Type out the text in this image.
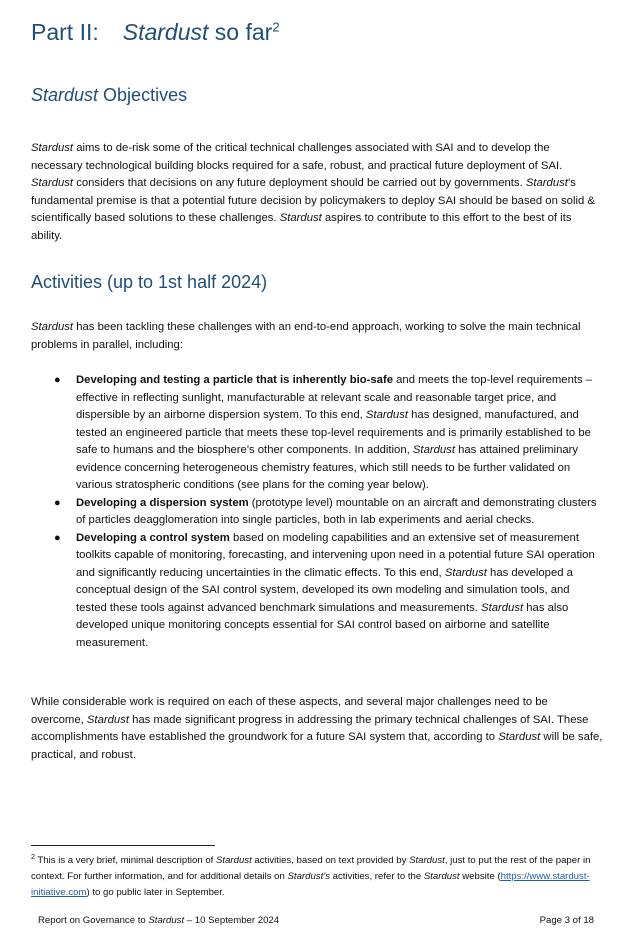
Part II: Stardust so far$^2$
Stardust Objectives

Stardust aims to de-risk some of the critical technical challenges associated with SAI and to develop the necessary technological building blocks required for a safe, robust, and practical future deployment of SAI. Stardust considers that decisions on any future deployment should be carried out by governments. Stardust’s fundamental premise is that a potential future decision by policymakers to deploy SAI should be based on solid & scientifically based solutions to these challenges. Stardust aspires to contribute to this effort to the best of its ability.

Activities (up to 1st half 2024)

Stardust has been tackling these challenges with an end-to-end approach, working to solve the main technical problems in parallel, including:

● Developing and testing a particle that is inherently bio-safe and meets the top-level requirements – effective in reflecting sunlight, manufacturable at relevant scale and reasonable target price, and dispersible by an airborne dispersion system. To this end, Stardust has designed, manufactured, and tested an engineered particle that meets these top-level requirements and is primarily established to be safe to humans and the biosphere's other components. In addition, Stardust has attained preliminary evidence concerning heterogeneous chemistry features, which still needs to be further validated on various stratospheric conditions (see plans for the coming year below).
● Developing a dispersion system (prototype level) mountable on an aircraft and demonstrating clusters of particles deagglomeration into single particles, both in lab experiments and aerial checks.
● Developing a control system based on modeling capabilities and an extensive set of measurement toolkits capable of monitoring, forecasting, and intervening upon need in a potential future SAI operation and significantly reducing uncertainties in the climatic effects. To this end, Stardust has developed a conceptual design of the SAI control system, developed its own modeling and simulation tools, and tested these tools against advanced benchmark simulations and measurements. Stardust has also developed unique monitoring concepts essential for SAI control based on airborne and satellite measurement.

While considerable work is required on each of these aspects, and several major challenges need to be overcome, Stardust has made significant progress in addressing the primary technical challenges of SAI. These accomplishments have established the groundwork for a future SAI system that, according to Stardust will be safe, practical, and robust.

$^2$ This is a very brief, minimal description of Stardust activities, based on text provided by Stardust, just to put the rest of the paper in context. For further information, and for additional details on Stardust’s activities, refer to the Stardust website (https://www.stardust-initiative.com) to go public later in September.

Report on Governance to Stardust – 10 September 2024	Page 3 of 18
